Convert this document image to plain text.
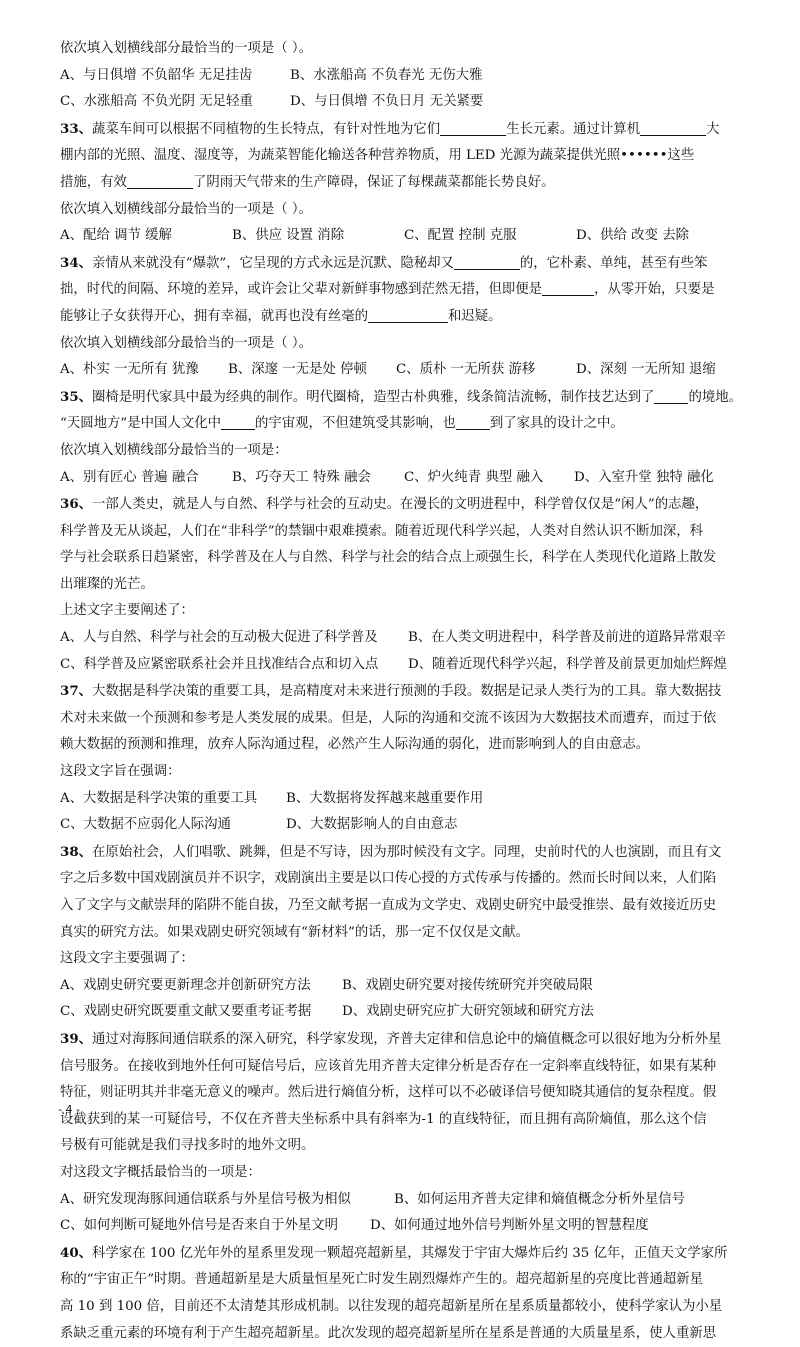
依次填入划横线部分最恰当的一项是（ ）。
A、与日俱增 不负韶华 无足挂齿	B、水涨船高 不负春光 无伤大雅
C、水涨船高 不负光阴 无足轻重	D、与日俱增 不负日月 无关紧要
33、蔬菜车间可以根据不同植物的生长特点，有针对性地为它们	生长元素。通过计算机	大
棚内部的光照、温度、湿度等，为蔬菜智能化输送各种营养物质，用 LED 光源为蔬菜提供光照••••••这些
措施，有效	了阴雨天气带来的生产障碍，保证了每棵蔬菜都能长势良好。
依次填入划横线部分最恰当的一项是（ ）。
A、配给 调节 缓解	B、供应 设置 消除	C、配置 控制 克服	D、供给 改变 去除
34、亲情从来就没有“爆款”，它呈现的方式永远是沉默、隐秘却又	的，它朴素、单纯，甚至有些笨
拙，时代的间隔、环境的差异，或许会让父辈对新鲜事物感到茫然无措，但即便是	，从零开始，只要是
能够让子女获得开心，拥有幸福，就再也没有丝毫的	和迟疑。
依次填入划横线部分最恰当的一项是（ ）。
A、朴实 一无所有 犹豫	B、深邃 一无是处 停顿	C、质朴 一无所获 游移	D、深刻 一无所知 退缩
35、圈椅是明代家具中最为经典的制作。明代圈椅，造型古朴典雅，线条简洁流畅，制作技艺达到了	的境地。
“天圆地方”是中国人文化中	的宇宙观，不但建筑受其影响，也	到了家具的设计之中。
依次填入划横线部分最恰当的一项是：
A、别有匠心 普遍 融合	B、巧夺天工 特殊 融会	C、炉火纯青 典型 融入	D、入室升堂 独特 融化
36、一部人类史，就是人与自然、科学与社会的互动史。在漫长的文明进程中，科学曾仅仅是“闲人”的志趣，
科学普及无从谈起，人们在“非科学”的禁锢中艰难摸索。随着近现代科学兴起，人类对自然认识不断加深，科
学与社会联系日趋紧密，科学普及在人与自然、科学与社会的结合点上顽强生长，科学在人类现代化道路上散发
出璀璨的光芒。
上述文字主要阐述了：
A、人与自然、科学与社会的互动极大促进了科学普及	B、在人类文明进程中，科学普及前进的道路异常艰辛
C、科学普及应紧密联系社会并且找准结合点和切入点	D、随着近现代科学兴起，科学普及前景更加灿烂辉煌
37、大数据是科学决策的重要工具，是高精度对未来进行预测的手段。数据是记录人类行为的工具。靠大数据技
术对未来做一个预测和参考是人类发展的成果。但是，人际的沟通和交流不该因为大数据技术而遭弃，而过于依
赖大数据的预测和推理，放弃人际沟通过程，必然产生人际沟通的弱化，进而影响到人的自由意志。
这段文字旨在强调：
A、大数据是科学决策的重要工具	B、大数据将发挥越来越重要作用
C、大数据不应弱化人际沟通	D、大数据影响人的自由意志
38、在原始社会，人们唱歌、跳舞，但是不写诗，因为那时候没有文字。同理，史前时代的人也演剧，而且有文
字之后多数中国戏剧演员并不识字，戏剧演出主要是以口传心授的方式传承与传播的。然而长时间以来，人们陷
入了文字与文献崇拜的陷阱不能自拔，乃至文献考据一直成为文学史、戏剧史研究中最受推崇、最有效接近历史
真实的研究方法。如果戏剧史研究领域有“新材料”的话，那一定不仅仅是文献。
这段文字主要强调了：
A、戏剧史研究要更新理念并创新研究方法	B、戏剧史研究要对接传统研究并突破局限
C、戏剧史研究既要重文献又要重考证考据	D、戏剧史研究应扩大研究领域和研究方法
39、通过对海豚间通信联系的深入研究，科学家发现，齐普夫定律和信息论中的熵值概念可以很好地为分析外星
信号服务。在接收到地外任何可疑信号后，应该首先用齐普夫定律分析是否存在一定斜率直线特征，如果有某种
特征，则证明其并非毫无意义的噪声。然后进行熵值分析，这样可以不必破译信号便知晓其通信的复杂程度。假
设截获到的某一可疑信号，不仅在齐普夫坐标系中具有斜率为-1 的直线特征，而且拥有高阶熵值，那么这个信
号极有可能就是我们寻找多时的地外文明。
对这段文字概括最恰当的一项是：
A、研究发现海豚间通信联系与外星信号极为相似	B、如何运用齐普夫定律和熵值概念分析外星信号
C、如何判断可疑地外信号是否来自于外星文明	D、如何通过地外信号判断外星文明的智慧程度
40、科学家在 100 亿光年外的星系里发现一颗超亮超新星，其爆发于宇宙大爆炸后约 35 亿年，正值天文学家所
称的“宇宙正午”时期。普通超新星是大质量恒星死亡时发生剧烈爆炸产生的。超亮超新星的亮度比普通超新星
高 10 到 100 倍，目前还不太清楚其形成机制。以往发现的超亮超新星所在星系质量都较小，使科学家认为小星
系缺乏重元素的环境有利于产生超亮超新星。此次发现的超亮超新星所在星系是普通的大质量星系，使人重新思
- 4 -
